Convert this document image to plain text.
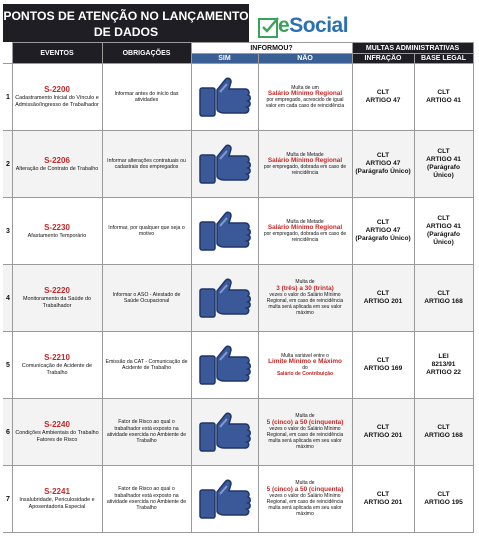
PONTOS DE ATENÇÃO NO LANÇAMENTO
DE DADOS	eSocial
	EVENTOS	OBRIGAÇÕES	INFORMOU?		MULTAS ADMINISTRATIVAS	
			SIM	NÃO	INFRAÇÃO	BASE LEGAL
1	S-2200
Cadastramento Inicial do Vínculo e Admissão/Ingresso de Trabalhador	Informar antes do início das atividades		Multa de um
Salário Mínimo Regional
por empregado, acrescido de igual valor em cada caso de reincidência	CLT
ARTIGO 47	CLT
ARTIGO 41

2	S-2206
Alteração de Contrato de Trabalho	Informar alterações contratuais ou cadastrais dos empregados		Multa de Metade
Salário Mínimo Regional
por empregado, dobrada em caso de reincidência	CLT
ARTIGO 47
(Parágrafo Único)	CLT
ARTIGO 41
(Parágrafo Único)

3	S-2230
Afastamento Temporário	Informar, por qualquer que seja o motivo		Multa de Metade
Salário Mínimo Regional
por empregado, dobrada em caso de reincidência	CLT
ARTIGO 47
(Parágrafo Único)	CLT
ARTIGO 41
(Parágrafo Único)

4	S-2220
Monitoramento da Saúde do Trabalhador	Informar o ASO - Atestado de Saúde Ocupacional		Multa de
3 (três) a 30 (trinta)
vezes o valor do Salário Mínimo Regional, em caso de reincidência multa será aplicada em seu valor máximo	CLT
ARTIGO 201	CLT
ARTIGO 168

5	S-2210
Comunicação de Acidente de Trabalho	Emissão da CAT - Comunicação de Acidente de Trabalho		Multa variável entre o
Limite Mínimo e Máximo
do
Salário de Contribuição	CLT
ARTIGO 169	LEI
8213/91
ARTIGO 22

6	S-2240
Condições Ambientais do Trabalho Fatores de Risco	Fator de Risco ao qual o trabalhador está exposto na atividade exercida no Ambiente de Trabalho		Multa de
5 (cinco) a 50 (cinquenta)
vezes o valor do Salário Mínimo Regional, em caso de reincidência multa será aplicada em seu valor máximo	CLT
ARTIGO 201	CLT
ARTIGO 168

7	S-2241
Insalubridade, Periculosidade e Aposentadoria Especial	Fator de Risco ao qual o trabalhador está exposto na atividade exercida no Ambiente de Trabalho		Multa de
5 (cinco) a 50 (cinquenta)
vezes o valor do Salário Mínimo Regional, em caso de reincidência multa será aplicada em seu valor máximo	CLT
ARTIGO 201	CLT
ARTIGO 195
